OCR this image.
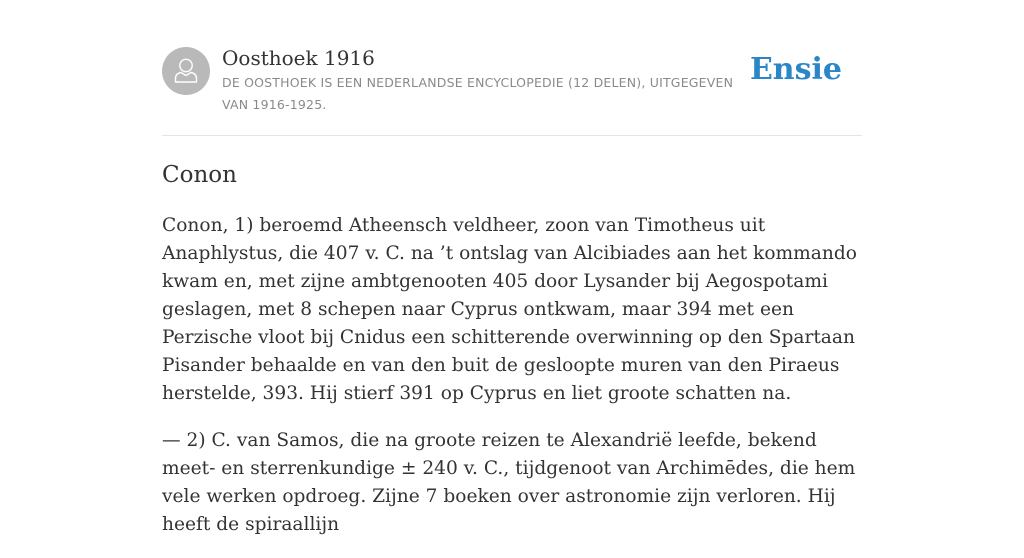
Oosthoek 1916
DE OOSTHOEK IS EEN NEDERLANDSE ENCYCLOPEDIE (12 DELEN), UITGEGEVEN VAN 1916-1925.
Ensie
Conon

Conon, 1) beroemd Atheensch veldheer, zoon van Timotheus uit Anaphlystus, die 407 v. C. na ’t ontslag van Alcibiades aan het kommando kwam en, met zijne ambtgenooten 405 door Lysander bij Aegospotami geslagen, met 8 schepen naar Cyprus ontkwam, maar 394 met een Perzische vloot bij Cnidus een schitterende overwinning op den Spartaan Pisander behaalde en van den buit de gesloopte muren van den Piraeus herstelde, 393. Hij stierf 391 op Cyprus en liet groote schatten na.

— 2) C. van Samos, die na groote reizen te Alexandrië leefde, bekend meet- en sterrenkundige ± 240 v. C., tijdgenoot van Archimēdes, die hem vele werken opdroeg. Zijne 7 boeken over astronomie zijn verloren. Hij heeft de spiraallijn
